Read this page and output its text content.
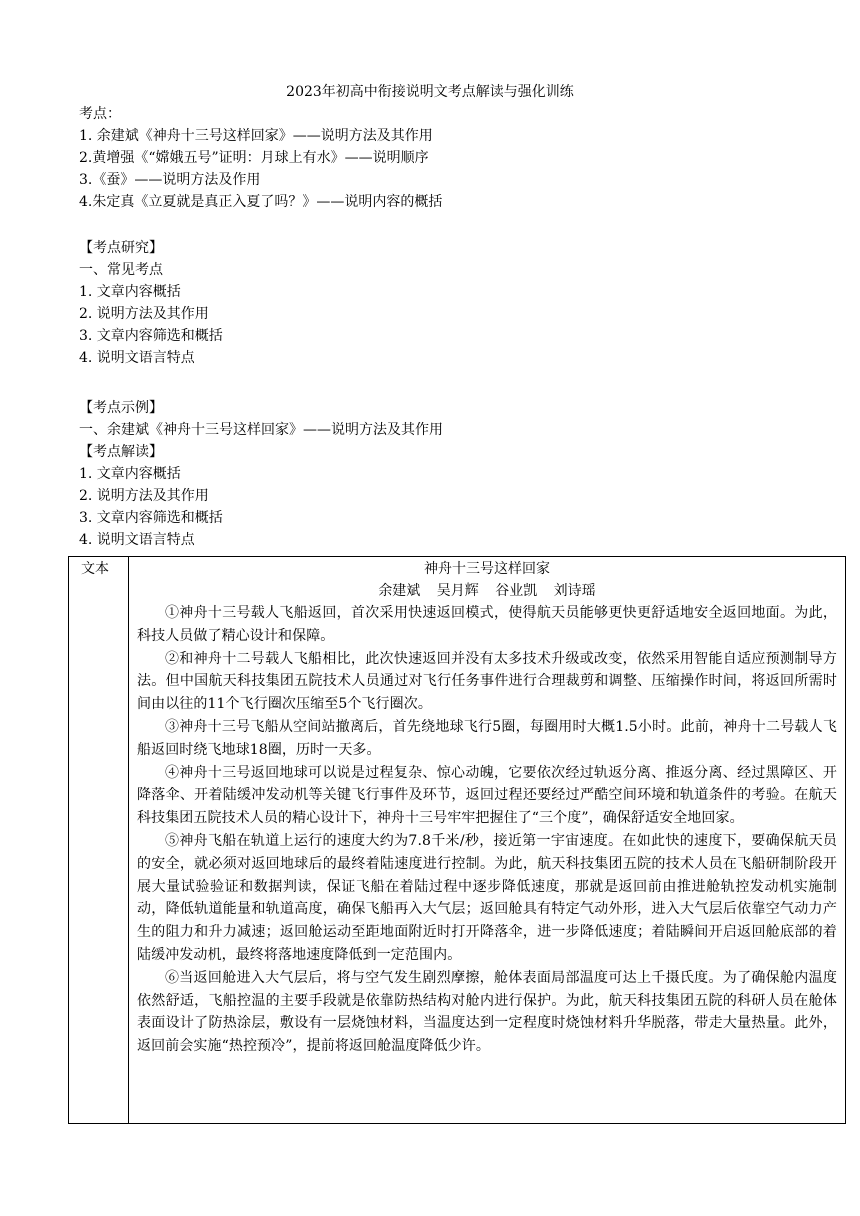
2023年初高中衔接说明文考点解读与强化训练
考点：
1. 余建斌《神舟十三号这样回家》——说明方法及其作用
2.黄增强《“嫦娥五号”证明：月球上有水》——说明顺序
3.《蚕》——说明方法及作用
4.朱定真《立夏就是真正入夏了吗？》——说明内容的概括
【考点研究】
一、常见考点
1. 文章内容概括
2. 说明方法及其作用
3. 文章内容筛选和概括
4. 说明文语言特点
【考点示例】
一、余建斌《神舟十三号这样回家》——说明方法及其作用
【考点解读】
1. 文章内容概括
2. 说明方法及其作用
3. 文章内容筛选和概括
4. 说明文语言特点
文本	神舟十三号这样回家
余建斌 吴月辉 谷业凯 刘诗瑶

①神舟十三号载人飞船返回，首次采用快速返回模式，使得航天员能够更快更舒适地安全返回地面。为此，科技人员做了精心设计和保障。

②和神舟十二号载人飞船相比，此次快速返回并没有太多技术升级或改变，依然采用智能自适应预测制导方法。但中国航天科技集团五院技术人员通过对飞行任务事件进行合理裁剪和调整、压缩操作时间，将返回所需时间由以往的11个飞行圈次压缩至5个飞行圈次。

③神舟十三号飞船从空间站撤离后，首先绕地球飞行5圈，每圈用时大概1.5小时。此前，神舟十二号载人飞船返回时绕飞地球18圈，历时一天多。

④神舟十三号返回地球可以说是过程复杂、惊心动魄，它要依次经过轨返分离、推返分离、经过黑障区、开降落伞、开着陆缓冲发动机等关键飞行事件及环节，返回过程还要经过严酷空间环境和轨道条件的考验。在航天科技集团五院技术人员的精心设计下，神舟十三号牢牢把握住了“三个度”，确保舒适安全地回家。

⑤神舟飞船在轨道上运行的速度大约为7.8千米/秒，接近第一宇宙速度。在如此快的速度下，要确保航天员的安全，就必须对返回地球后的最终着陆速度进行控制。为此，航天科技集团五院的技术人员在飞船研制阶段开展大量试验验证和数据判读，保证飞船在着陆过程中逐步降低速度，那就是返回前由推进舱轨控发动机实施制动，降低轨道能量和轨道高度，确保飞船再入大气层；返回舱具有特定气动外形，进入大气层后依靠空气动力产生的阻力和升力减速；返回舱运动至距地面附近时打开降落伞，进一步降低速度；着陆瞬间开启返回舱底部的着陆缓冲发动机，最终将落地速度降低到一定范围内。

⑥当返回舱进入大气层后，将与空气发生剧烈摩擦，舱体表面局部温度可达上千摄氏度。为了确保舱内温度依然舒适，飞船控温的主要手段就是依靠防热结构对舱内进行保护。为此，航天科技集团五院的科研人员在舱体表面设计了防热涂层，敷设有一层烧蚀材料，当温度达到一定程度时烧蚀材料升华脱落，带走大量热量。此外，返回前会实施“热控预冷”，提前将返回舱温度降低少许。
